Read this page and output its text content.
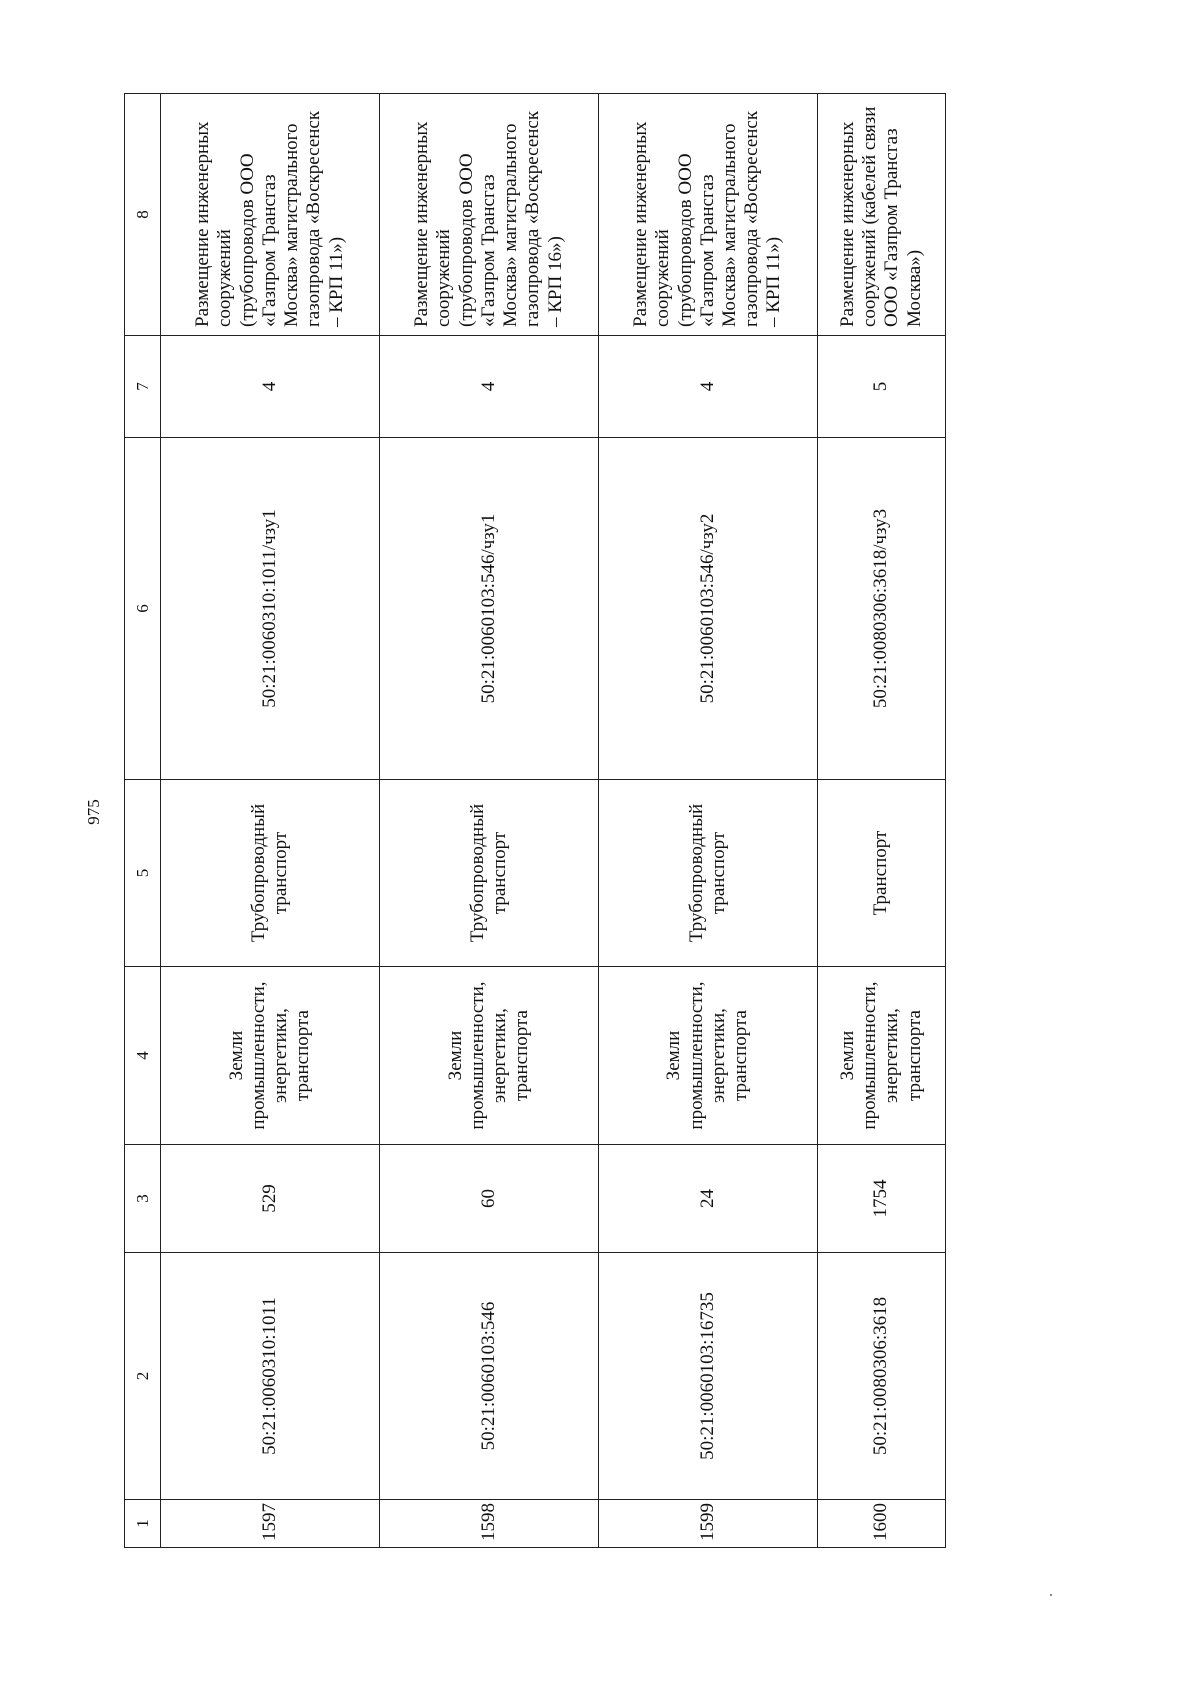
975
1	2	3	4	5	6	7	8
1597	50:21:0060310:1011	529	Земли промышленности, энергетики, транспорта	Трубопроводный транспорт	50:21:0060310:1011/чзу1	4	Размещение инженерных сооружений (трубопроводов ООО «Газпром Трансгаз Москва» магистрального газопровода «Воскресенск – КРП 11»)
1598	50:21:0060103:546	60	Земли промышленности, энергетики, транспорта	Трубопроводный транспорт	50:21:0060103:546/чзу1	4	Размещение инженерных сооружений (трубопроводов ООО «Газпром Трансгаз Москва» магистрального газопровода «Воскресенск – КРП 16»)
1599	50:21:0060103:16735	24	Земли промышленности, энергетики, транспорта	Трубопроводный транспорт	50:21:0060103:546/чзу2	4	Размещение инженерных сооружений (трубопроводов ООО «Газпром Трансгаз Москва» магистрального газопровода «Воскресенск – КРП 11»)
1600	50:21:0080306:3618	1754	Земли промышленности, энергетики, транспорта	Транспорт	50:21:0080306:3618/чзу3	5	Размещение инженерных сооружений (кабелей связи ООО «Газпром Трансгаз Москва»)
